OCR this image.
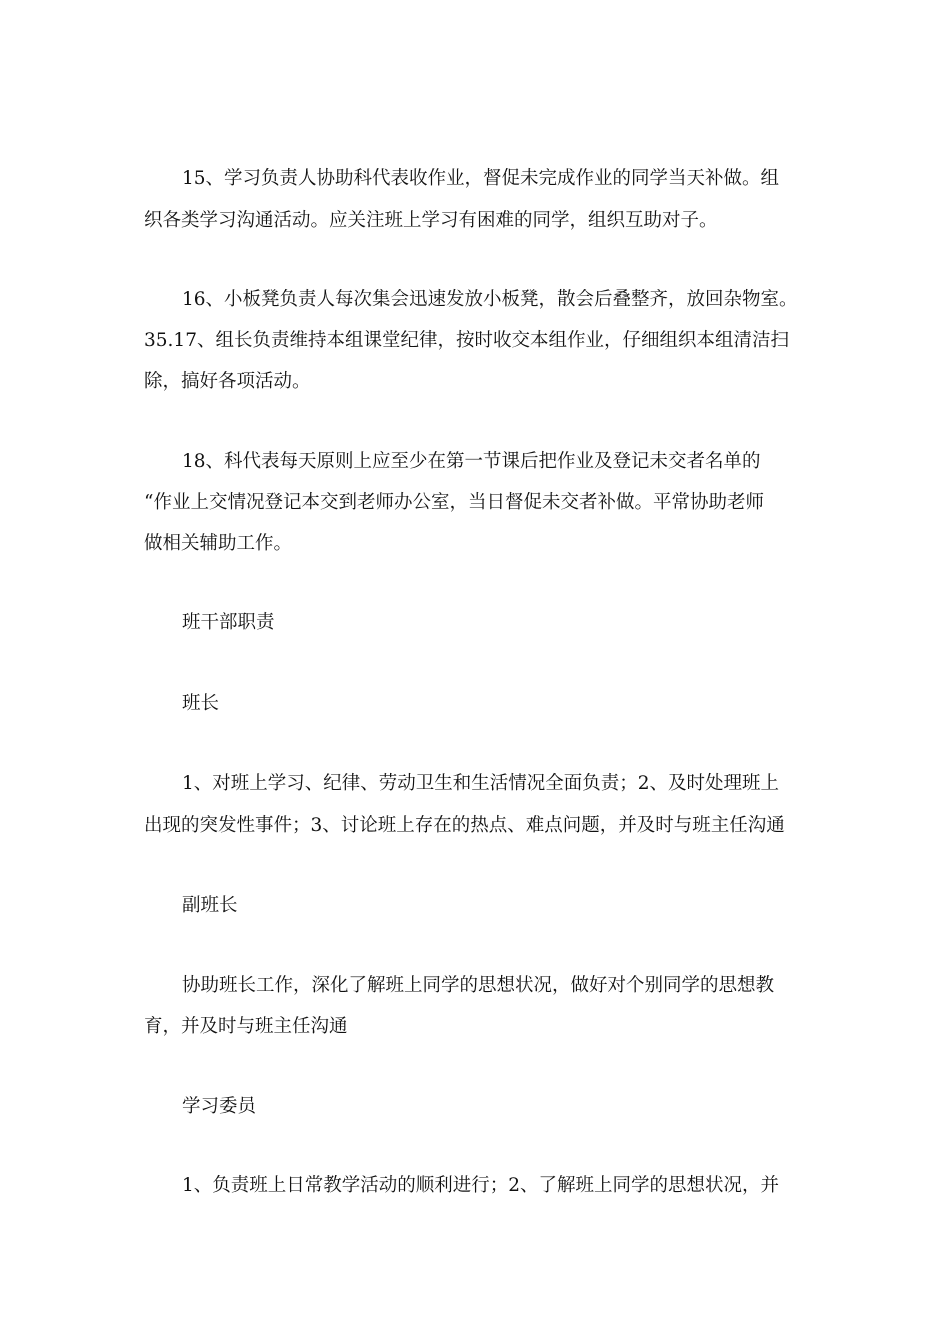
15、学习负责人协助科代表收作业，督促未完成作业的同学当天补做。组
织各类学习沟通活动。应关注班上学习有困难的同学，组织互助对子。
16、小板凳负责人每次集会迅速发放小板凳，散会后叠整齐，放回杂物室。
35.17、组长负责维持本组课堂纪律，按时收交本组作业，仔细组织本组清洁扫
除，搞好各项活动。
18、科代表每天原则上应至少在第一节课后把作业及登记未交者名单的
“作业上交情况登记本交到老师办公室，当日督促未交者补做。平常协助老师
做相关辅助工作。
班干部职责
班长
1、对班上学习、纪律、劳动卫生和生活情况全面负责；2、及时处理班上
出现的突发性事件；3、讨论班上存在的热点、难点问题，并及时与班主任沟通
副班长
协助班长工作，深化了解班上同学的思想状况，做好对个别同学的思想教
育，并及时与班主任沟通
学习委员
1、负责班上日常教学活动的顺利进行；2、了解班上同学的思想状况，并
